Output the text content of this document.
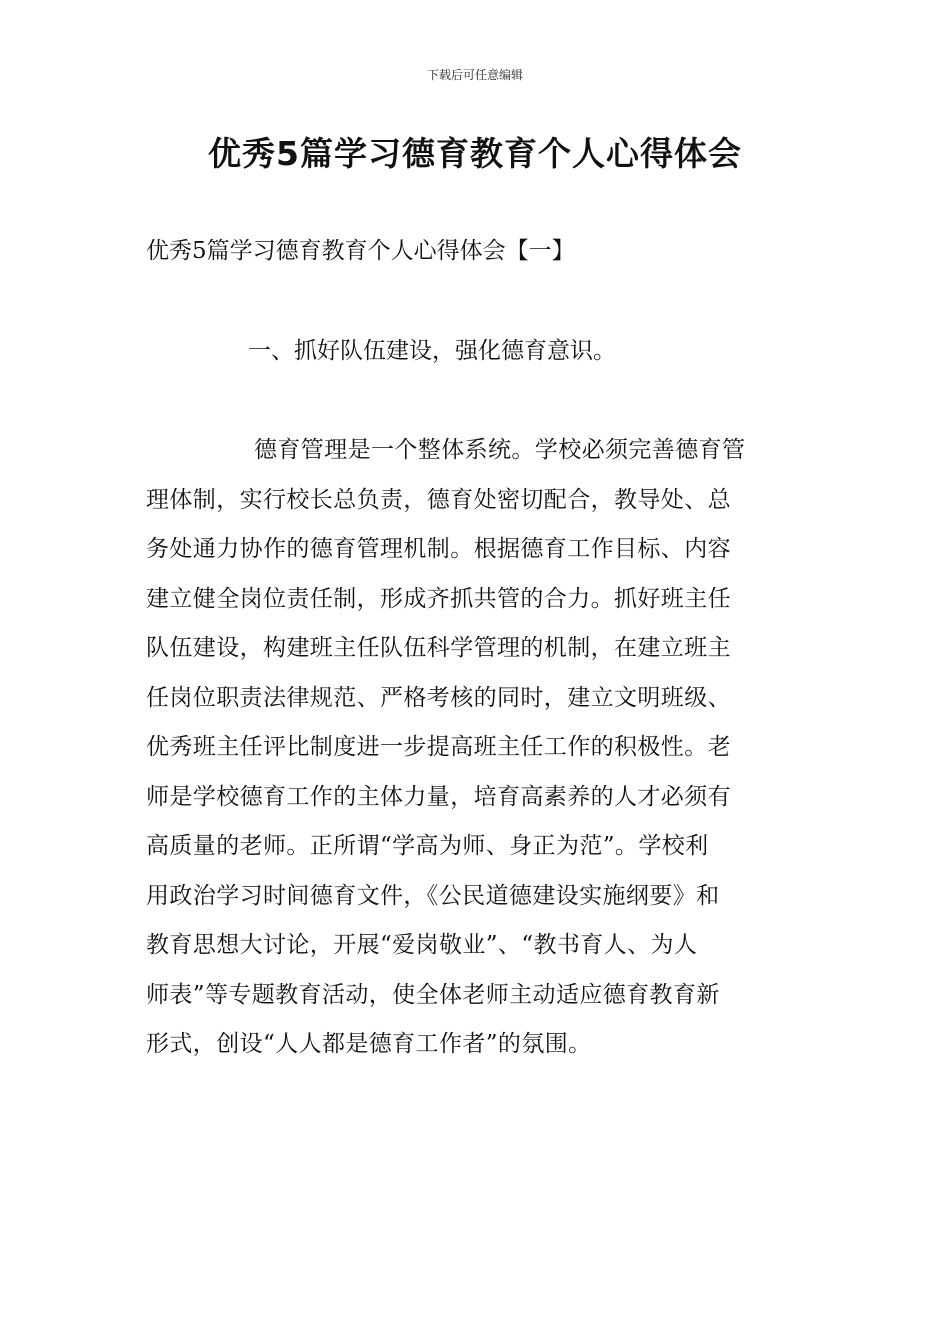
下载后可任意编辑
优秀5篇学习德育教育个人心得体会

优秀5篇学习德育教育个人心得体会【一】

一、抓好队伍建设，强化德育意识。

德育管理是一个整体系统。学校必须完善德育管
理体制，实行校长总负责，德育处密切配合，教导处、总
务处通力协作的德育管理机制。根据德育工作目标、内容
建立健全岗位责任制，形成齐抓共管的合力。抓好班主任
队伍建设，构建班主任队伍科学管理的机制，在建立班主
任岗位职责法律规范、严格考核的同时，建立文明班级、
优秀班主任评比制度进一步提高班主任工作的积极性。老
师是学校德育工作的主体力量，培育高素养的人才必须有
高质量的老师。正所谓“学高为师、身正为范”。学校利
用政治学习时间德育文件，《公民道德建设实施纲要》和
教育思想大讨论，开展“爱岗敬业”、“教书育人、为人
师表”等专题教育活动，使全体老师主动适应德育教育新
形式，创设“人人都是德育工作者”的氛围。
